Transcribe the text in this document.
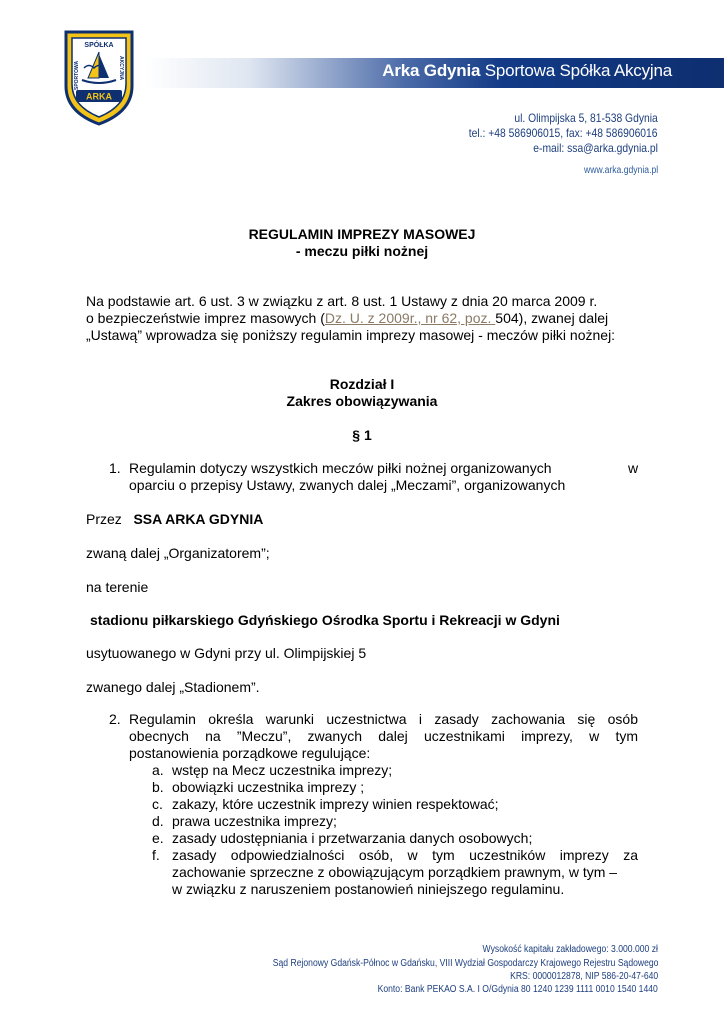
SPÓŁKA
SPORTOWA	AKCYJNA
ARKA
Arka Gdynia Sportowa Spółka Akcyjna
ul. Olimpijska 5, 81-538 Gdynia
tel.: +48 586906015, fax: +48 586906016
e-mail: ssa@arka.gdynia.pl
www.arka.gdynia.pl
REGULAMIN IMPREZY MASOWEJ
- meczu piłki nożnej
Na podstawie art. 6 ust. 3 w związku z art. 8 ust. 1 Ustawy z dnia 20 marca 2009 r.
o bezpieczeństwie imprez masowych (Dz. U. z 2009r., nr 62, poz. 504), zwanej dalej
„Ustawą” wprowadza się poniższy regulamin imprezy masowej - meczów piłki nożnej:
Rozdział I
Zakres obowiązywania
§ 1
1. Regulamin dotyczy wszystkich meczów piłki nożnej organizowanych	w
oparciu o przepisy Ustawy, zwanych dalej „Meczami”, organizowanych
Przez SSA ARKA GDYNIA
zwaną dalej „Organizatorem”;
na terenie
stadionu piłkarskiego Gdyńskiego Ośrodka Sportu i Rekreacji w Gdyni
usytuowanego w Gdyni przy ul. Olimpijskiej 5
zwanego dalej „Stadionem”.
2. Regulamin określa warunki uczestnictwa i zasady zachowania się osób
obecnych na ”Meczu”, zwanych dalej uczestnikami imprezy, w tym
postanowienia porządkowe regulujące:
a. wstęp na Mecz uczestnika imprezy;
b. obowiązki uczestnika imprezy ;
c. zakazy, które uczestnik imprezy winien respektować;
d. prawa uczestnika imprezy;
e. zasady udostępniania i przetwarzania danych osobowych;
f. zasady odpowiedzialności osób, w tym uczestników imprezy za
zachowanie sprzeczne z obowiązującym porządkiem prawnym, w tym –
w związku z naruszeniem postanowień niniejszego regulaminu.
Wysokość kapitału zakładowego: 3.000.000 zł
Sąd Rejonowy Gdańsk-Północ w Gdańsku, VIII Wydział Gospodarczy Krajowego Rejestru Sądowego
KRS: 0000012878, NIP 586-20-47-640
Konto: Bank PEKAO S.A. I O/Gdynia 80 1240 1239 1111 0010 1540 1440
